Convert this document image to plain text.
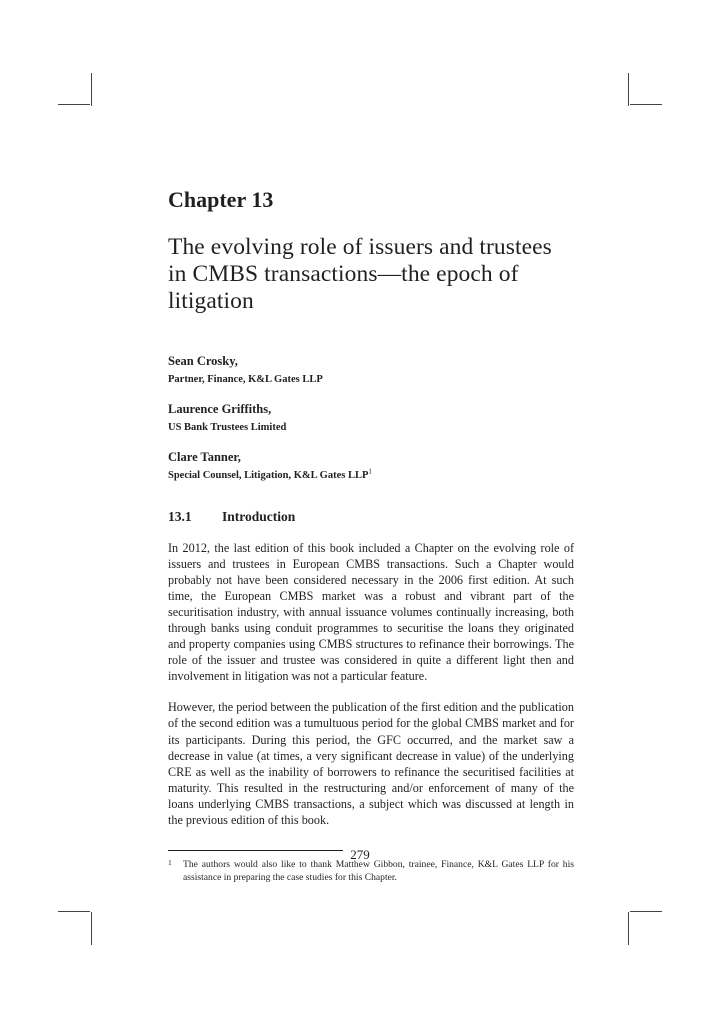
Chapter 13
The evolving role of issuers and trustees in CMBS transactions—the epoch of litigation
Sean Crosky,
Partner, Finance, K&L Gates LLP
Laurence Griffiths,
US Bank Trustees Limited
Clare Tanner,
Special Counsel, Litigation, K&L Gates LLP$^1$
13.1 Introduction

In 2012, the last edition of this book included a Chapter on the evolving role of issuers and trustees in European CMBS transactions. Such a Chapter would probably not have been considered necessary in the 2006 first edition. At such time, the European CMBS market was a robust and vibrant part of the securitisation industry, with annual issuance volumes continually increasing, both through banks using conduit programmes to securitise the loans they originated and property companies using CMBS structures to refinance their borrowings. The role of the issuer and trustee was considered in quite a different light then and involvement in litigation was not a particular feature.

However, the period between the publication of the first edition and the publication of the second edition was a tumultuous period for the global CMBS market and for its participants. During this period, the GFC occurred, and the market saw a decrease in value (at times, a very significant decrease in value) of the underlying CRE as well as the inability of borrowers to refinance the securitised facilities at maturity. This resulted in the restructuring and/or enforcement of many of the loans underlying CMBS transactions, a subject which was discussed at length in the previous edition of this book.

1 The authors would also like to thank Matthew Gibbon, trainee, Finance, K&L Gates LLP for his assistance in preparing the case studies for this Chapter.
279
